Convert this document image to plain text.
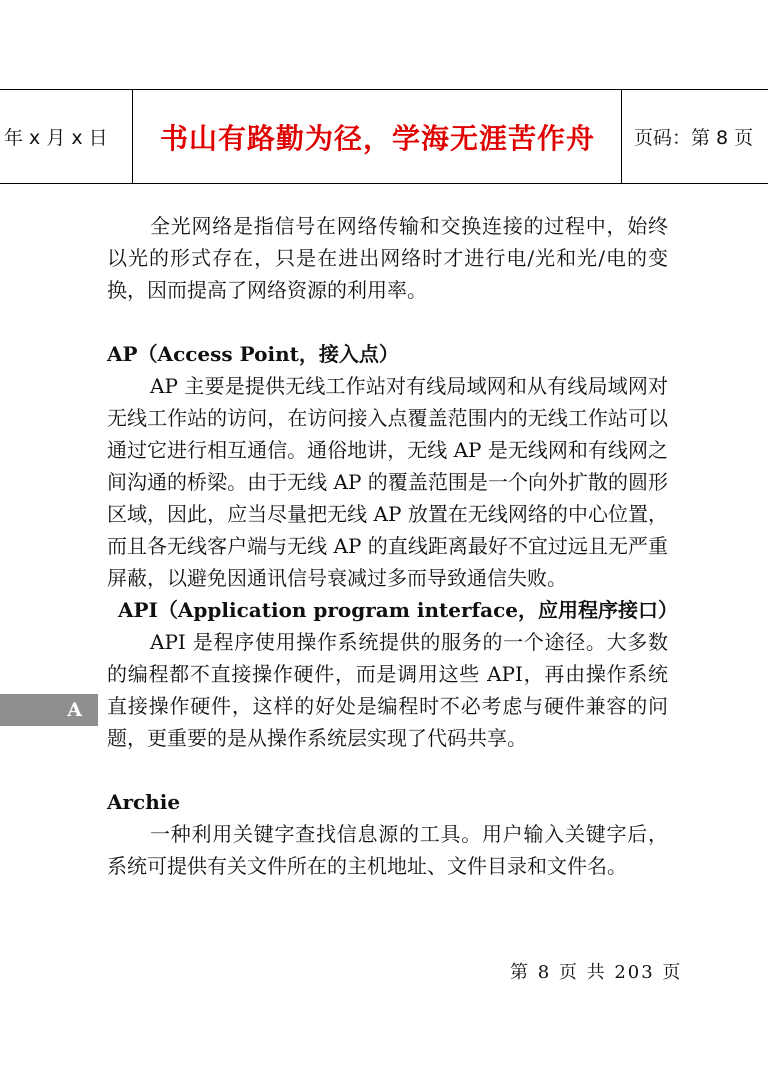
年 x 月 x 日	书山有路勤为径，学海无涯苦作舟	页码：第 8 页
A

全光网络是指信号在网络传输和交换连接的过程中，始终以光的形式存在，只是在进出网络时才进行电/光和光/电的变换，因而提高了网络资源的利用率。

AP（Access Point，接入点）

AP 主要是提供无线工作站对有线局域网和从有线局域网对无线工作站的访问，在访问接入点覆盖范围内的无线工作站可以通过它进行相互通信。通俗地讲，无线 AP 是无线网和有线网之间沟通的桥梁。由于无线 AP 的覆盖范围是一个向外扩散的圆形区域，因此，应当尽量把无线 AP 放置在无线网络的中心位置，而且各无线客户端与无线 AP 的直线距离最好不宜过远且无严重屏蔽，以避免因通讯信号衰减过多而导致通信失败。

API（Application program interface，应用程序接口）

API 是程序使用操作系统提供的服务的一个途径。大多数的编程都不直接操作硬件，而是调用这些 API，再由操作系统直接操作硬件，这样的好处是编程时不必考虑与硬件兼容的问题，更重要的是从操作系统层实现了代码共享。

Archie

一种利用关键字查找信息源的工具。用户输入关键字后，系统可提供有关文件所在的主机地址、文件目录和文件名。

第 8 页 共 203 页
